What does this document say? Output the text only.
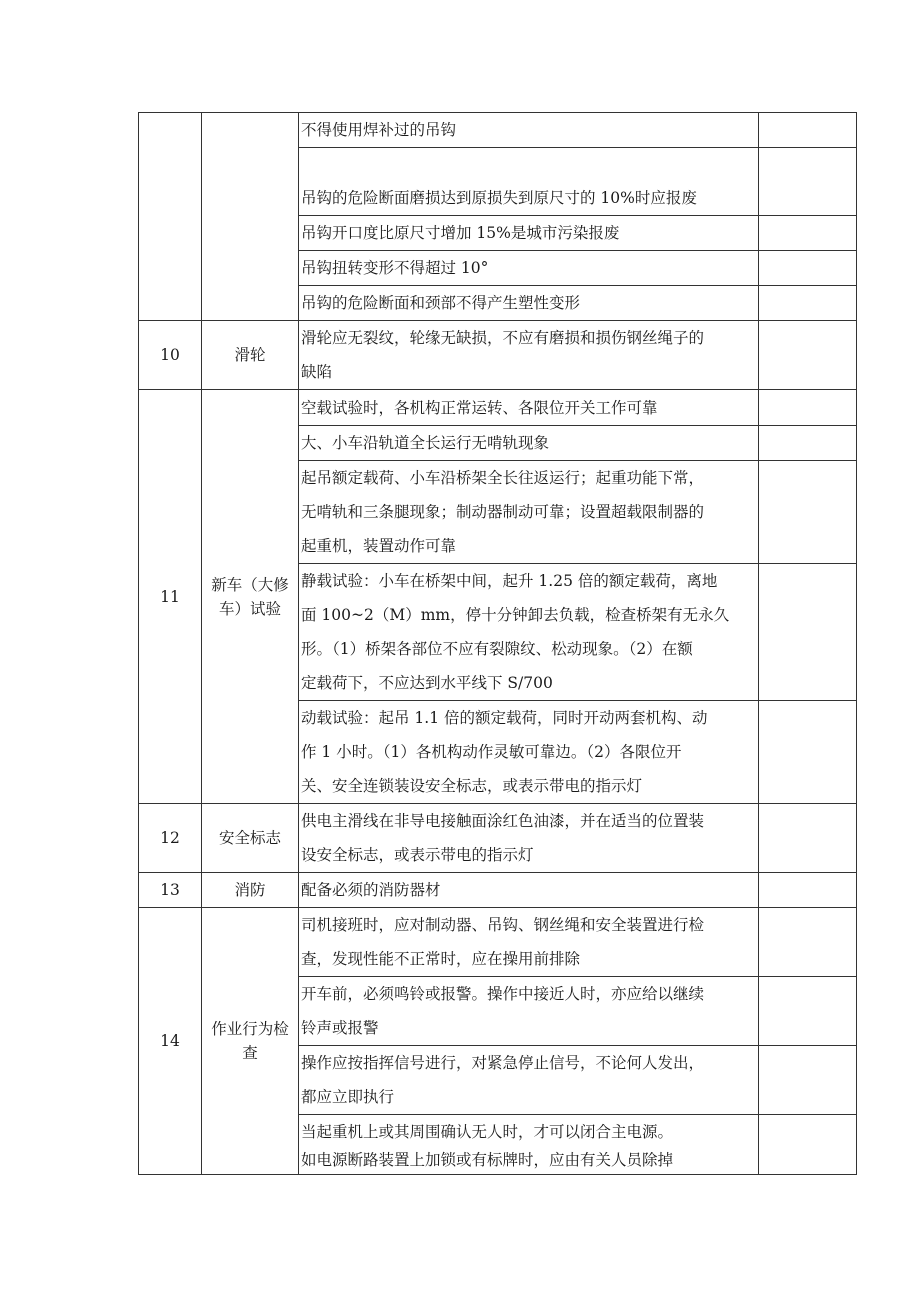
		不得使用焊补过的吊钩	

		吊钩的危险断面磨损达到原损失到原尺寸的 10%时应报废	

		吊钩开口度比原尺寸增加 15%是城市污染报废	

		吊钩扭转变形不得超过 10°	

		吊钩的危险断面和颈部不得产生塑性变形	

10	滑轮	滑轮应无裂纹，轮缘无缺损，不应有磨损和损伤钢丝绳子的
缺陷	

11	新车（大修
车）试验	空载试验时，各机构正常运转、各限位开关工作可靠	

		大、小车沿轨道全长运行无啃轨现象	

		起吊额定载荷、小车沿桥架全长往返运行；起重功能下常，
无啃轨和三条腿现象；制动器制动可靠；设置超载限制器的
起重机，装置动作可靠	

		静载试验：小车在桥架中间，起升 1.25 倍的额定载荷，离地
面 100~2（M）mm，停十分钟卸去负载，检查桥架有无永久
形。（1）桥架各部位不应有裂隙纹、松动现象。（2）在额
定载荷下，不应达到水平线下 S/700	

		动载试验：起吊 1.1 倍的额定载荷，同时开动两套机构、动
作 1 小时。（1）各机构动作灵敏可靠边。（2）各限位开
关、安全连锁装设安全标志，或表示带电的指示灯	

12	安全标志	供电主滑线在非导电接触面涂红色油漆，并在适当的位置装
设安全标志，或表示带电的指示灯	

13	消防	配备必须的消防器材	

14	作业行为检
查	司机接班时，应对制动器、吊钩、钢丝绳和安全装置进行检
查，发现性能不正常时，应在操用前排除	

		开车前，必须鸣铃或报警。操作中接近人时，亦应给以继续
铃声或报警	

		操作应按指挥信号进行，对紧急停止信号，不论何人发出，
都应立即执行	

		当起重机上或其周围确认无人时，才可以闭合主电源。
如电源断路装置上加锁或有标牌时，应由有关人员除掉	
